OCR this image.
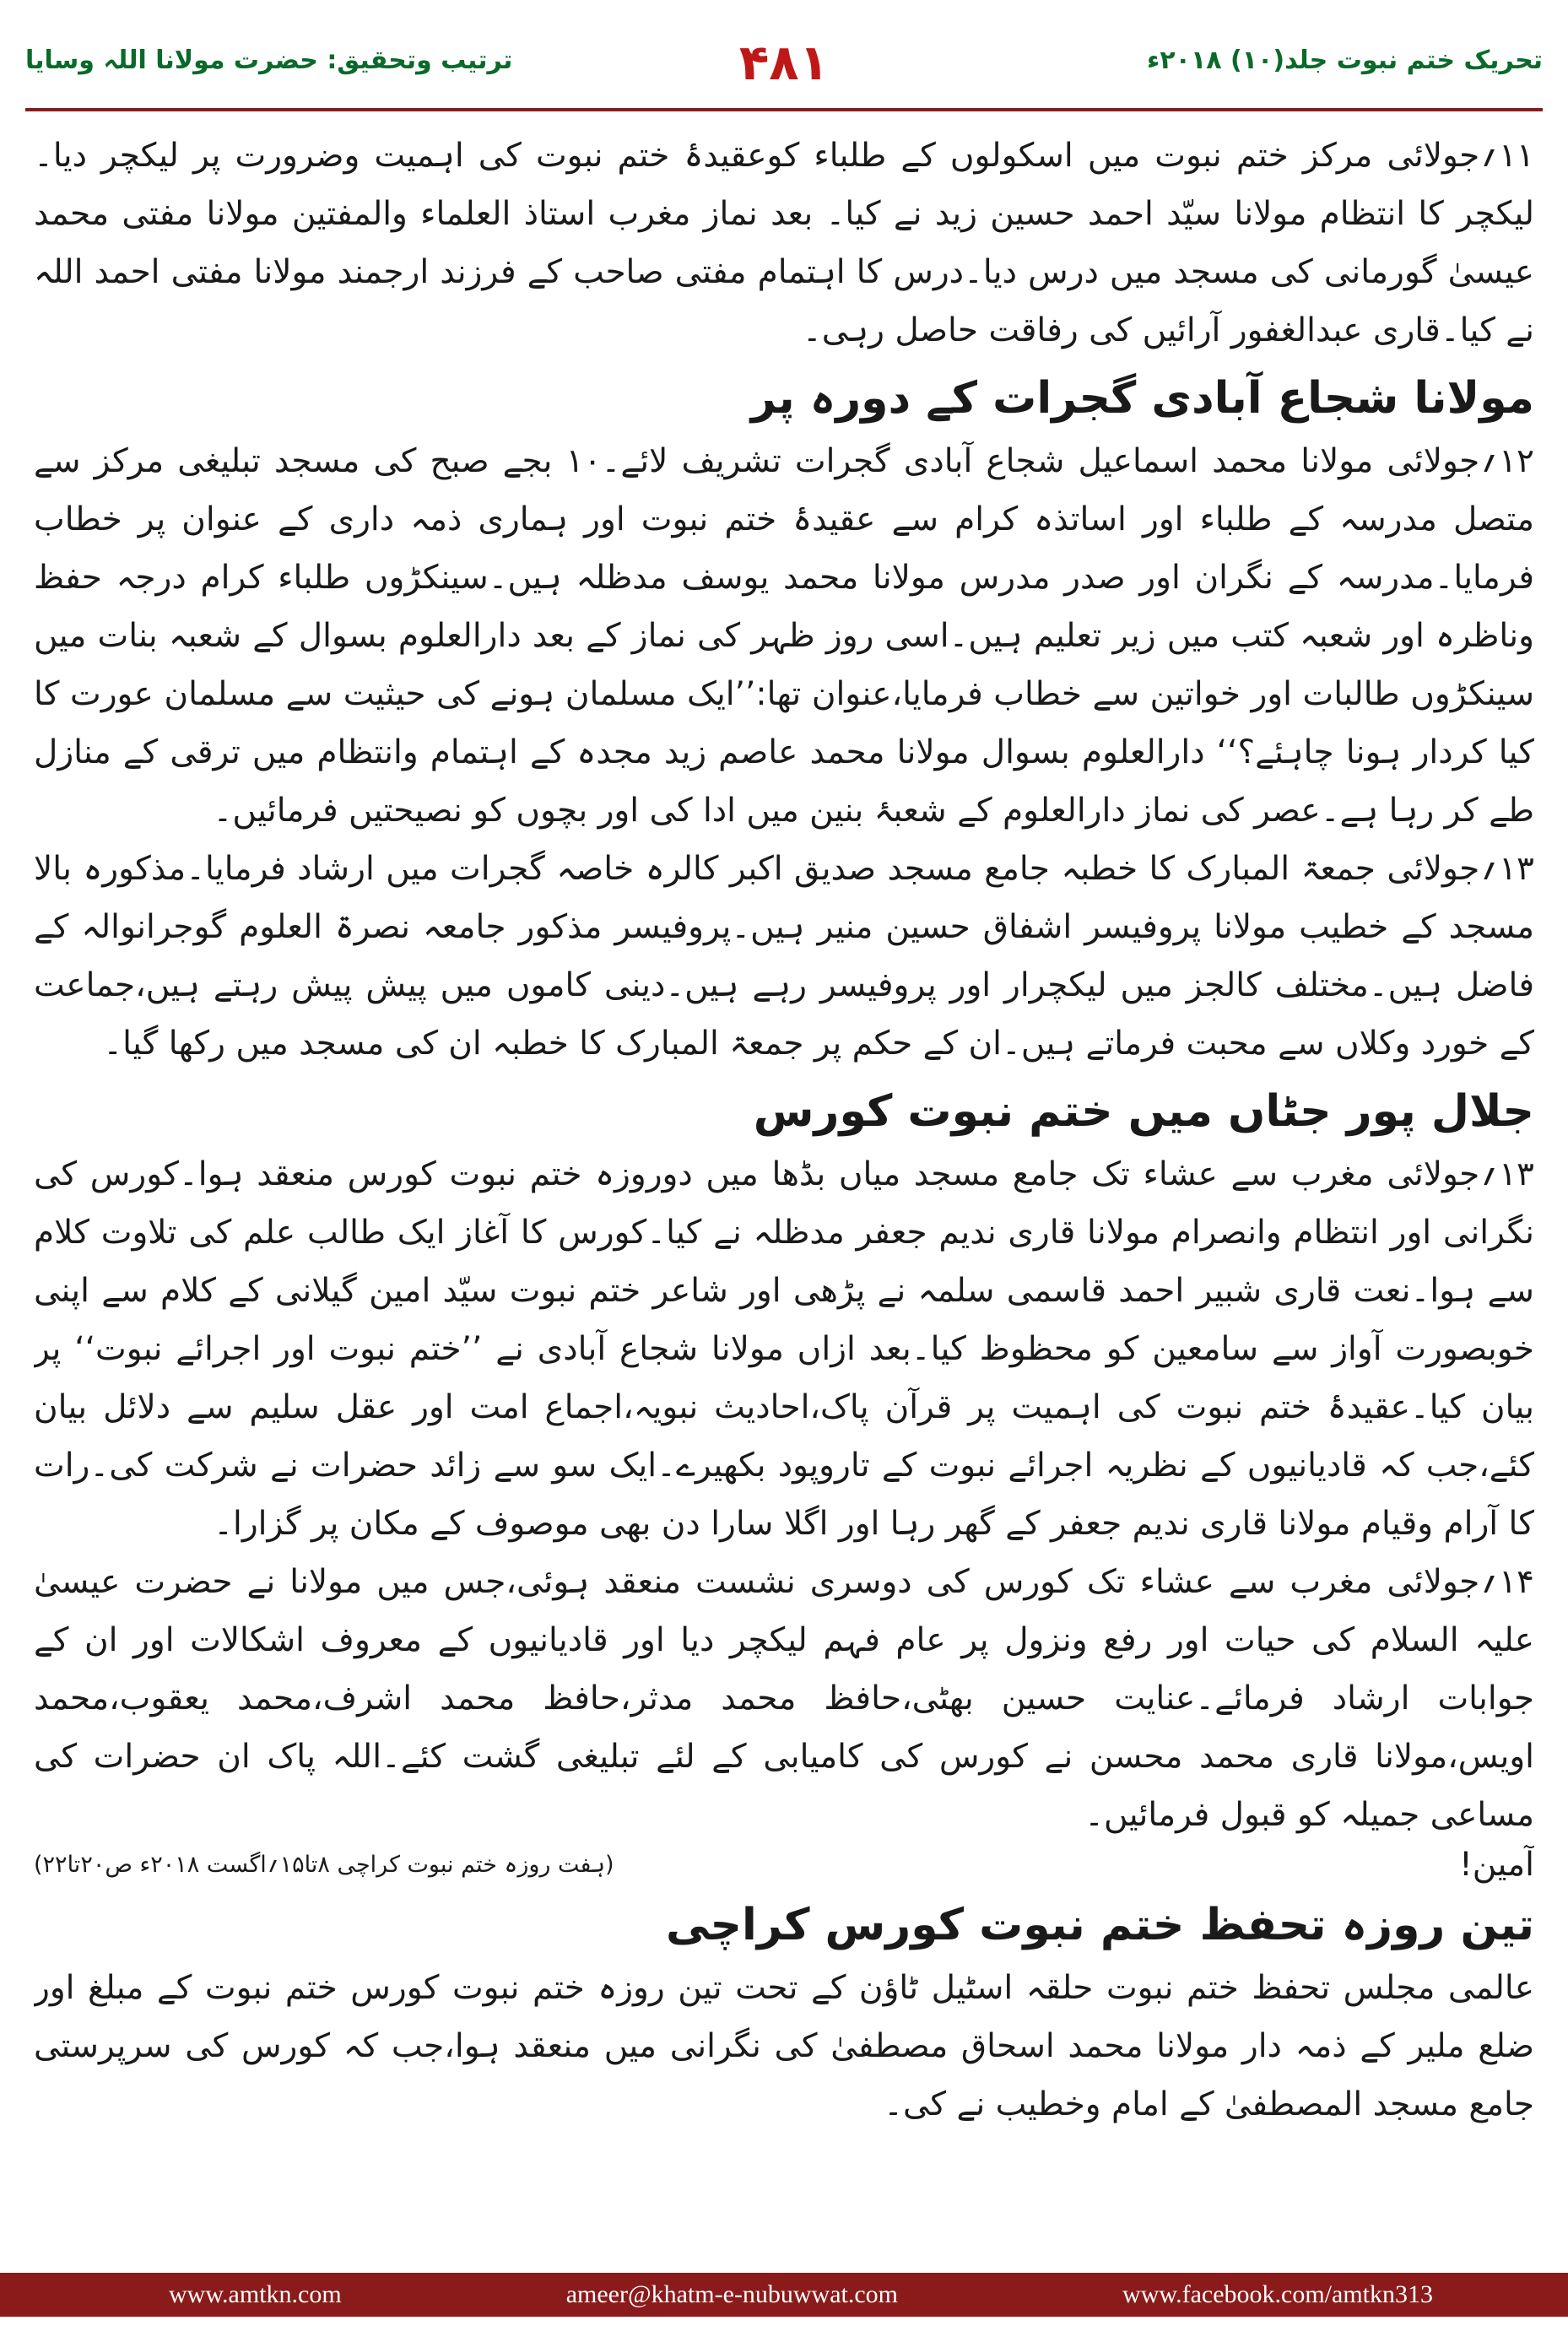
تحریک ختم نبوت جلد(۱۰) ۲۰۱۸ء
۴۸۱
ترتیب وتحقیق: حضرت مولانا اللہ وسایا

۱۱؍جولائی مرکز ختم نبوت میں اسکولوں کے طلباء کوعقیدۂ ختم نبوت کی اہمیت وضرورت پر لیکچر دیا۔لیکچر کا انتظام مولانا سیّد احمد حسین زید نے کیا۔ بعد نماز مغرب استاذ العلماء والمفتین مولانا مفتی محمد عیسیٰ گورمانی کی مسجد میں درس دیا۔درس کا اہتمام مفتی صاحب کے فرزند ارجمند مولانا مفتی احمد اللہ نے کیا۔قاری عبدالغفور آرائیں کی رفاقت حاصل رہی۔

مولانا شجاع آبادی گجرات کے دورہ پر

۱۲؍جولائی مولانا محمد اسماعیل شجاع آبادی گجرات تشریف لائے۔۱۰ بجے صبح کی مسجد تبلیغی مرکز سے متصل مدرسہ کے طلباء اور اساتذہ کرام سے عقیدۂ ختم نبوت اور ہماری ذمہ داری کے عنوان پر خطاب فرمایا۔مدرسہ کے نگران اور صدر مدرس مولانا محمد یوسف مدظلہ ہیں۔سینکڑوں طلباء کرام درجہ حفظ وناظرہ اور شعبہ کتب میں زیر تعلیم ہیں۔اسی روز ظہر کی نماز کے بعد دارالعلوم بسوال کے شعبہ بنات میں سینکڑوں طالبات اور خواتین سے خطاب فرمایا،عنوان تھا:’’ایک مسلمان ہونے کی حیثیت سے مسلمان عورت کا کیا کردار ہونا چاہئے؟‘‘ دارالعلوم بسوال مولانا محمد عاصم زید مجدہ کے اہتمام وانتظام میں ترقی کے منازل طے کر رہا ہے۔عصر کی نماز دارالعلوم کے شعبۂ بنین میں ادا کی اور بچوں کو نصیحتیں فرمائیں۔

۱۳؍جولائی جمعۃ المبارک کا خطبہ جامع مسجد صدیق اکبر کالرہ خاصہ گجرات میں ارشاد فرمایا۔مذکورہ بالا مسجد کے خطیب مولانا پروفیسر اشفاق حسین منیر ہیں۔پروفیسر مذکور جامعہ نصرۃ العلوم گوجرانوالہ کے فاضل ہیں۔مختلف کالجز میں لیکچرار اور پروفیسر رہے ہیں۔دینی کاموں میں پیش پیش رہتے ہیں،جماعت کے خورد وکلاں سے محبت فرماتے ہیں۔ان کے حکم پر جمعۃ المبارک کا خطبہ ان کی مسجد میں رکھا گیا۔

جلال پور جٹاں میں ختم نبوت کورس

۱۳؍جولائی مغرب سے عشاء تک جامع مسجد میاں بڈھا میں دوروزہ ختم نبوت کورس منعقد ہوا۔کورس کی نگرانی اور انتظام وانصرام مولانا قاری ندیم جعفر مدظلہ نے کیا۔کورس کا آغاز ایک طالب علم کی تلاوت کلام سے ہوا۔نعت قاری شبیر احمد قاسمی سلمہ نے پڑھی اور شاعر ختم نبوت سیّد امین گیلانی کے کلام سے اپنی خوبصورت آواز سے سامعین کو محظوظ کیا۔بعد ازاں مولانا شجاع آبادی نے ’’ختم نبوت اور اجرائے نبوت‘‘ پر بیان کیا۔عقیدۂ ختم نبوت کی اہمیت پر قرآن پاک،احادیث نبویہ،اجماع امت اور عقل سلیم سے دلائل بیان کئے،جب کہ قادیانیوں کے نظریہ اجرائے نبوت کے تاروپود بکھیرے۔ایک سو سے زائد حضرات نے شرکت کی۔رات کا آرام وقیام مولانا قاری ندیم جعفر کے گھر رہا اور اگلا سارا دن بھی موصوف کے مکان پر گزارا۔

۱۴؍جولائی مغرب سے عشاء تک کورس کی دوسری نشست منعقد ہوئی،جس میں مولانا نے حضرت عیسیٰ علیہ السلام کی حیات اور رفع ونزول پر عام فہم لیکچر دیا اور قادیانیوں کے معروف اشکالات اور ان کے جوابات ارشاد فرمائے۔عنایت حسین بھٹی،حافظ محمد مدثر،حافظ محمد اشرف،محمد یعقوب،محمد اویس،مولانا قاری محمد محسن نے کورس کی کامیابی کے لئے تبلیغی گشت کئے۔اللہ پاک ان حضرات کی مساعی جمیلہ کو قبول فرمائیں۔

آمین!
(ہفت روزہ ختم نبوت کراچی ۸تا۱۵؍اگست ۲۰۱۸ء ص۲۰تا۲۲)
تین روزہ تحفظ ختم نبوت کورس کراچی

عالمی مجلس تحفظ ختم نبوت حلقہ اسٹیل ٹاؤن کے تحت تین روزہ ختم نبوت کورس ختم نبوت کے مبلغ اور ضلع ملیر کے ذمہ دار مولانا محمد اسحاق مصطفیٰ کی نگرانی میں منعقد ہوا،جب کہ کورس کی سرپرستی جامع مسجد المصطفیٰ کے امام وخطیب نے کی۔

www.amtkn.com	ameer@khatm-e-nubuwwat.com	www.facebook.com/amtkn313
